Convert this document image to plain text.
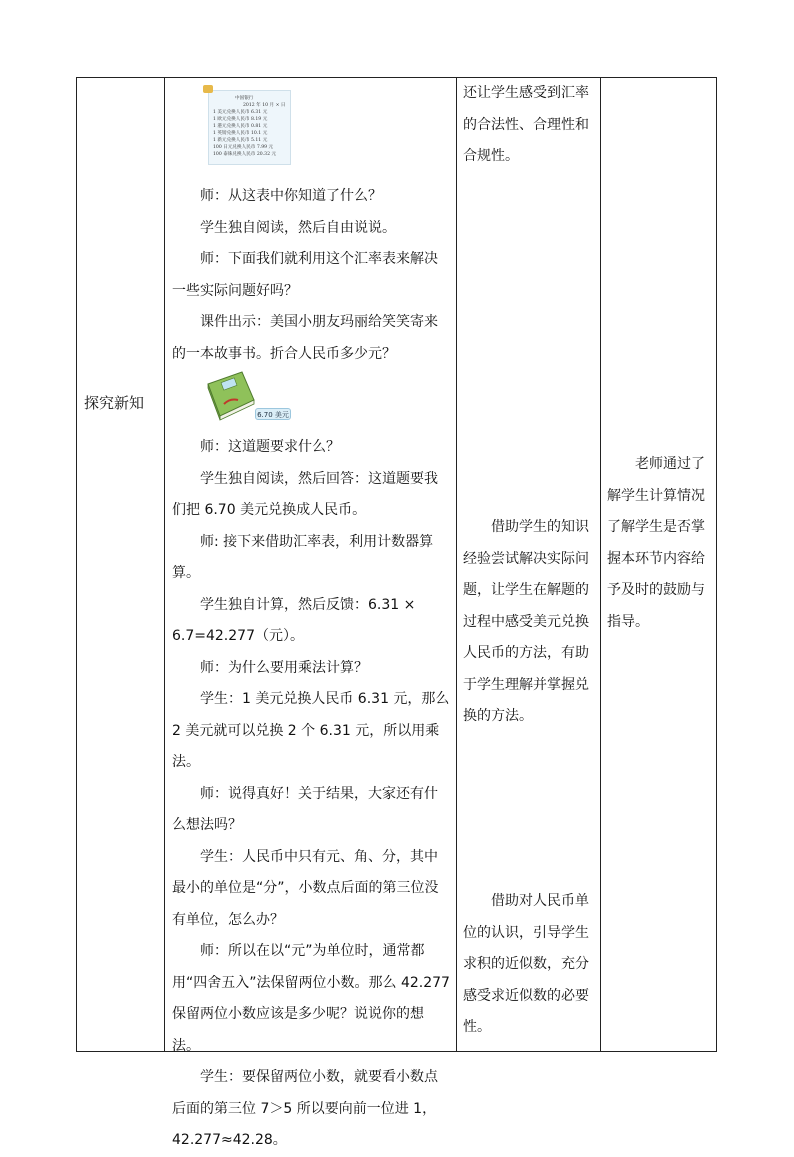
探究新知
中国银行
2012 年 10 月 × 日
1 美元兑换人民币 6.31 元
1 欧元兑换人民币 8.19 元
1 港元兑换人民币 0.81 元
1 英镑兑换人民币 10.1 元
1 新元兑换人民币 5.11 元
100 日元兑换人民币 7.99 元
100 泰铢兑换人民币 20.32 元

师：从这表中你知道了什么？

学生独自阅读，然后自由说说。

师：下面我们就利用这个汇率表来解决一些实际问题好吗？

课件出示：美国小朋友玛丽给笑笑寄来的一本故事书。折合人民币多少元？

6.70 美元

师：这道题要求什么？

学生独自阅读，然后回答：这道题要我们把 6.70 美元兑换成人民币。

师: 接下来借助汇率表，利用计数器算算。

学生独自计算，然后反馈：6.31 × 6.7=42.277（元）。

师：为什么要用乘法计算？

学生：1 美元兑换人民币 6.31 元，那么 2 美元就可以兑换 2 个 6.31 元，所以用乘法。

师：说得真好！关于结果，大家还有什么想法吗？

学生：人民币中只有元、角、分，其中最小的单位是“分”，小数点后面的第三位没有单位，怎么办？

师：所以在以“元”为单位时，通常都用“四舍五入”法保留两位小数。那么 42.277 保留两位小数应该是多少呢？说说你的想法。

学生：要保留两位小数，就要看小数点后面的第三位 7＞5 所以要向前一位进 1，42.277≈42.28。

还让学生感受到汇率的合法性、合理性和合规性。

借助学生的知识经验尝试解决实际问题，让学生在解题的过程中感受美元兑换人民币的方法，有助于学生理解并掌握兑换的方法。

借助对人民币单位的认识，引导学生求积的近似数，充分感受求近似数的必要性。

老师通过了解学生计算情况了解学生是否掌握本环节内容给予及时的鼓励与指导。
